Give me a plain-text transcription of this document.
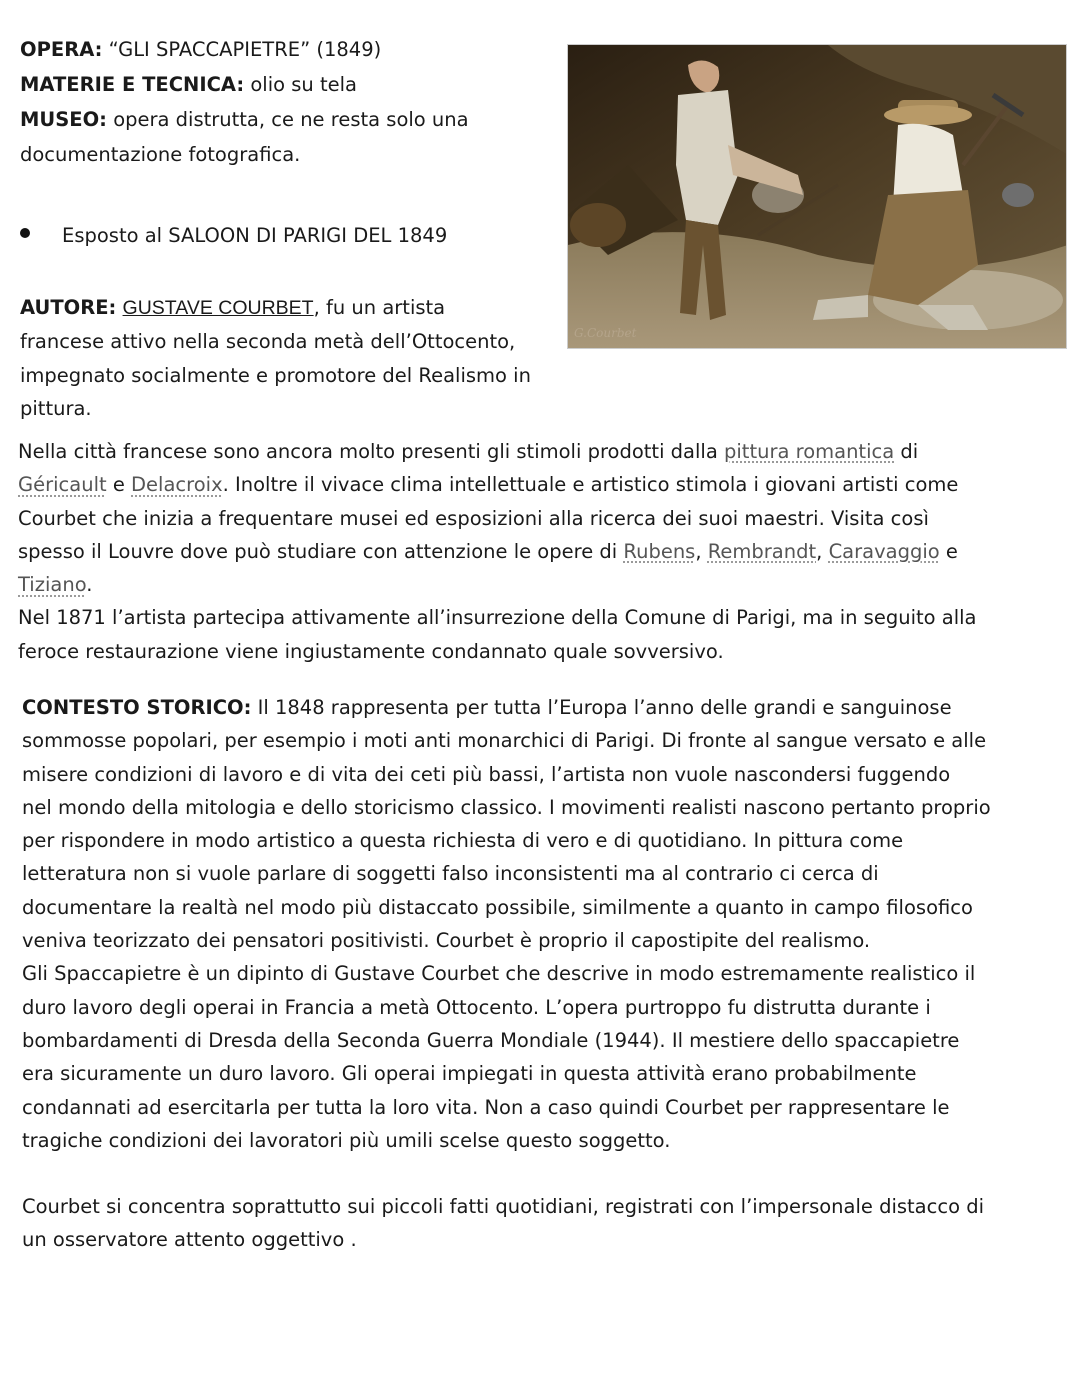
OPERA: “GLI SPACCAPIETRE” (1849)
MATERIE E TECNICA: olio su tela
MUSEO: opera distrutta, ce ne resta solo una
documentazione fotografica.
Esposto al SALOON DI PARIGI DEL 1849
G.Courbet
AUTORE: GUSTAVE COURBET, fu un artista
francese attivo nella seconda metà dell’Ottocento,
impegnato socialmente e promotore del Realismo in
pittura.
Nella città francese sono ancora molto presenti gli stimoli prodotti dalla pittura romantica di
Géricault e Delacroix. Inoltre il vivace clima intellettuale e artistico stimola i giovani artisti come
Courbet che inizia a frequentare musei ed esposizioni alla ricerca dei suoi maestri. Visita così
spesso il Louvre dove può studiare con attenzione le opere di Rubens, Rembrandt, Caravaggio e
Tiziano.
Nel 1871 l’artista partecipa attivamente all’insurrezione della Comune di Parigi, ma in seguito alla
feroce restaurazione viene ingiustamente condannato quale sovversivo.
CONTESTO STORICO: Il 1848 rappresenta per tutta l’Europa l’anno delle grandi e sanguinose
sommosse popolari, per esempio i moti anti monarchici di Parigi. Di fronte al sangue versato e alle
misere condizioni di lavoro e di vita dei ceti più bassi, l’artista non vuole nascondersi fuggendo
nel mondo della mitologia e dello storicismo classico. I movimenti realisti nascono pertanto proprio
per rispondere in modo artistico a questa richiesta di vero e di quotidiano. In pittura come
letteratura non si vuole parlare di soggetti falso inconsistenti ma al contrario ci cerca di
documentare la realtà nel modo più distaccato possibile, similmente a quanto in campo filosofico
veniva teorizzato dei pensatori positivisti. Courbet è proprio il capostipite del realismo.
Gli Spaccapietre è un dipinto di Gustave Courbet che descrive in modo estremamente realistico il
duro lavoro degli operai in Francia a metà Ottocento. L’opera purtroppo fu distrutta durante i
bombardamenti di Dresda della Seconda Guerra Mondiale (1944). Il mestiere dello spaccapietre
era sicuramente un duro lavoro. Gli operai impiegati in questa attività erano probabilmente
condannati ad esercitarla per tutta la loro vita. Non a caso quindi Courbet per rappresentare le
tragiche condizioni dei lavoratori più umili scelse questo soggetto.
Courbet si concentra soprattutto sui piccoli fatti quotidiani, registrati con l’impersonale distacco di
un osservatore attento oggettivo .
